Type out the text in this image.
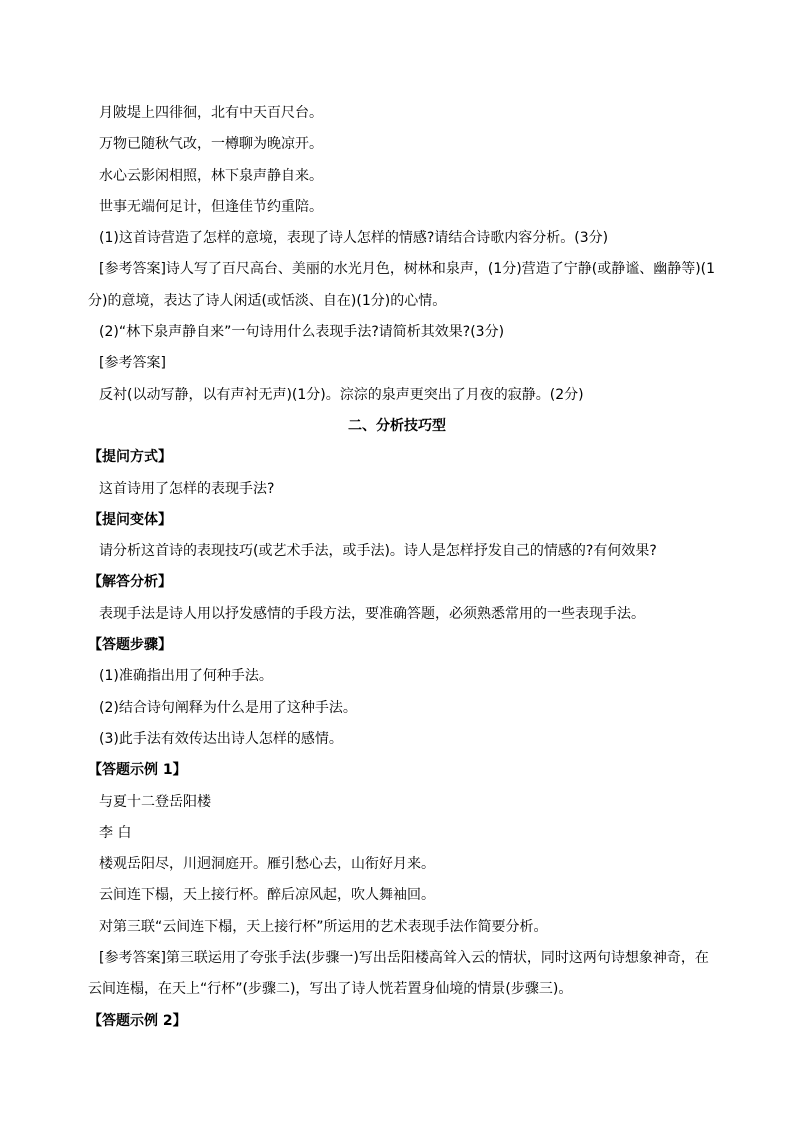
月陂堤上四徘徊，北有中天百尺台。
万物已随秋气改，一樽聊为晚凉开。
水心云影闲相照，林下泉声静自来。
世事无端何足计，但逢佳节约重陪。
(1)这首诗营造了怎样的意境，表现了诗人怎样的情感?请结合诗歌内容分析。(3分)
[参考答案]诗人写了百尺高台、美丽的水光月色，树林和泉声，(1分)营造了宁静(或静谧、幽静等)(1
分)的意境，表达了诗人闲适(或恬淡、自在)(1分)的心情。
(2)“林下泉声静自来”一句诗用什么表现手法?请简析其效果?(3分)
[参考答案]
反衬(以动写静，以有声衬无声)(1分)。淙淙的泉声更突出了月夜的寂静。(2分)
二、分析技巧型
【提问方式】
这首诗用了怎样的表现手法?
【提问变体】
请分析这首诗的表现技巧(或艺术手法，或手法)。诗人是怎样抒发自己的情感的?有何效果?
【解答分析】
表现手法是诗人用以抒发感情的手段方法，要准确答题，必须熟悉常用的一些表现手法。
【答题步骤】
(1)准确指出用了何种手法。
(2)结合诗句阐释为什么是用了这种手法。
(3)此手法有效传达出诗人怎样的感情。
【答题示例 1】
与夏十二登岳阳楼
李 白
楼观岳阳尽，川迥洞庭开。雁引愁心去，山衔好月来。
云间连下榻，天上接行杯。醉后凉风起，吹人舞袖回。
对第三联“云间连下榻，天上接行杯”所运用的艺术表现手法作简要分析。
[参考答案]第三联运用了夸张手法(步骤一)写出岳阳楼高耸入云的情状，同时这两句诗想象神奇，在
云间连榻，在天上“行杯”(步骤二)，写出了诗人恍若置身仙境的情景(步骤三)。
【答题示例 2】
